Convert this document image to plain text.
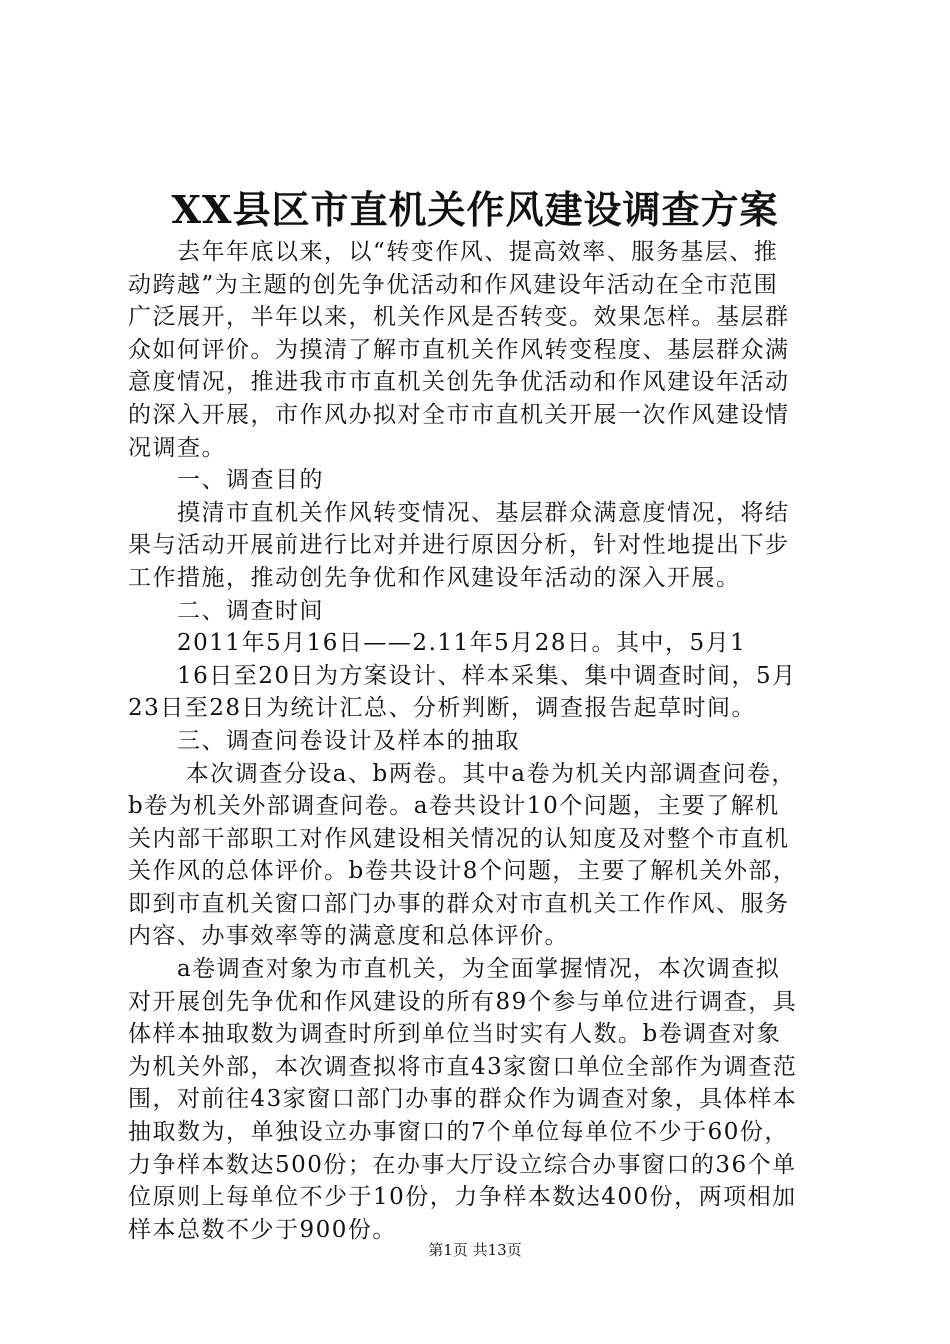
XX县区市直机关作风建设调查方案
　　去年年底以来，以“转变作风、提高效率、服务基层、推
动跨越”为主题的创先争优活动和作风建设年活动在全市范围
广泛展开，半年以来，机关作风是否转变。效果怎样。基层群
众如何评价。为摸清了解市直机关作风转变程度、基层群众满
意度情况，推进我市市直机关创先争优活动和作风建设年活动
的深入开展，市作风办拟对全市市直机关开展一次作风建设情
况调查。
　　一、调查目的
　　摸清市直机关作风转变情况、基层群众满意度情况，将结
果与活动开展前进行比对并进行原因分析，针对性地提出下步
工作措施，推动创先争优和作风建设年活动的深入开展。
　　二、调查时间
　　2011年5月16日——2.11年5月28日。其中，5月1
　　16日至20日为方案设计、样本采集、集中调查时间，5月
23日至28日为统计汇总、分析判断，调查报告起草时间。
　　三、调查问卷设计及样本的抽取
　　 本次调查分设a、b两卷。其中a卷为机关内部调查问卷，
b卷为机关外部调查问卷。a卷共设计10个问题，主要了解机
关内部干部职工对作风建设相关情况的认知度及对整个市直机
关作风的总体评价。b卷共设计8个问题，主要了解机关外部，
即到市直机关窗口部门办事的群众对市直机关工作作风、服务
内容、办事效率等的满意度和总体评价。
　　a卷调查对象为市直机关，为全面掌握情况，本次调查拟
对开展创先争优和作风建设的所有89个参与单位进行调查，具
体样本抽取数为调查时所到单位当时实有人数。b卷调查对象
为机关外部，本次调查拟将市直43家窗口单位全部作为调查范
围，对前往43家窗口部门办事的群众作为调查对象，具体样本
抽取数为，单独设立办事窗口的7个单位每单位不少于60份，
力争样本数达500份；在办事大厅设立综合办事窗口的36个单
位原则上每单位不少于10份，力争样本数达400份，两项相加
样本总数不少于900份。
第1页 共13页
